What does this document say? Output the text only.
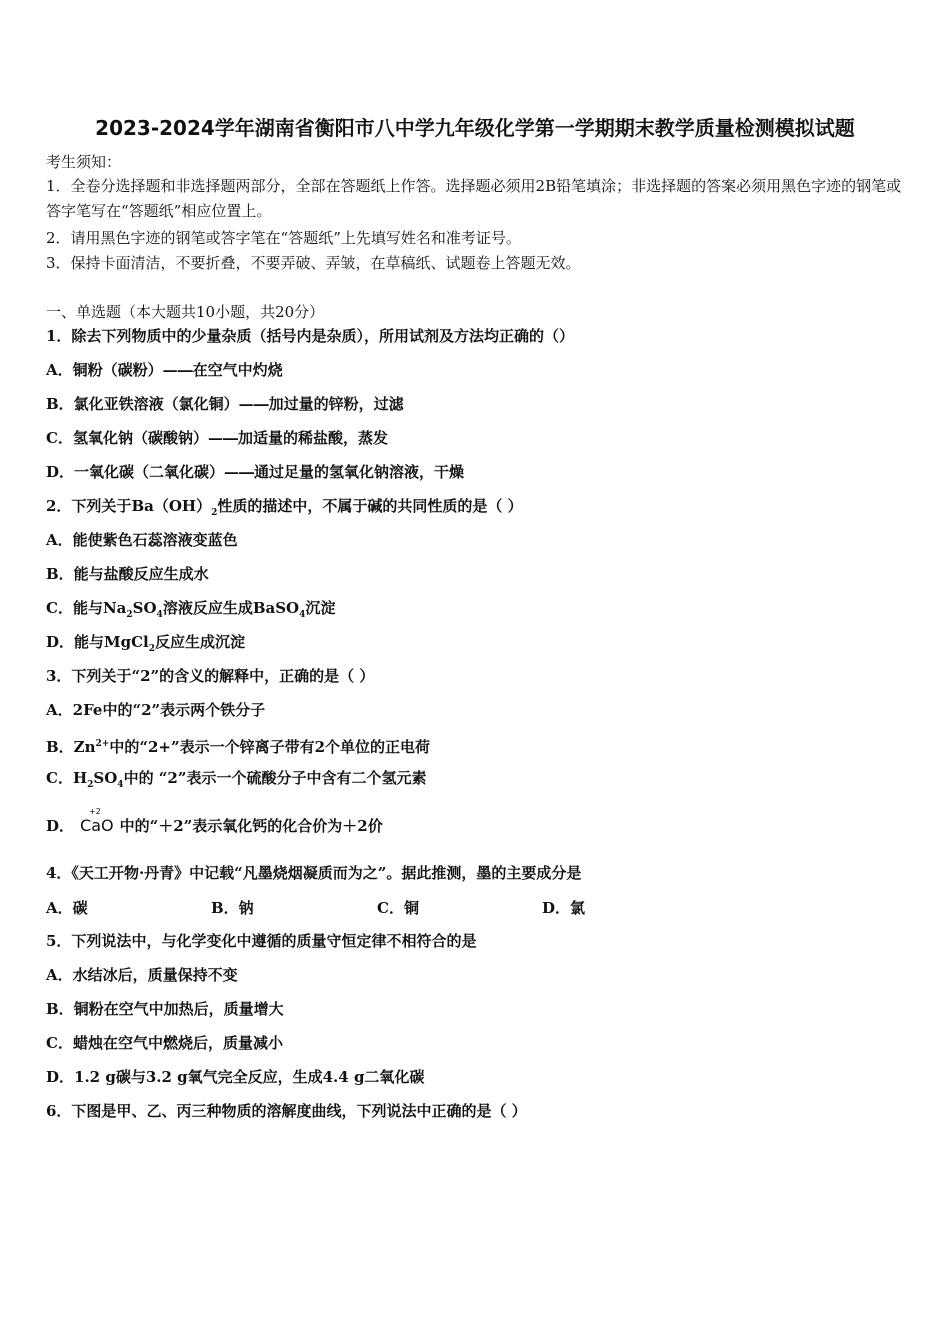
2023-2024学年湖南省衡阳市八中学九年级化学第一学期期末教学质量检测模拟试题
考生须知：
1．全卷分选择题和非选择题两部分，全部在答题纸上作答。选择题必须用2B铅笔填涂；非选择题的答案必须用黑色字迹的钢笔或答字笔写在“答题纸”相应位置上。
2．请用黑色字迹的钢笔或答字笔在“答题纸”上先填写姓名和准考证号。
3．保持卡面清洁，不要折叠，不要弄破、弄皱，在草稿纸、试题卷上答题无效。
一、单选题（本大题共10小题，共20分）
1．除去下列物质中的少量杂质（括号内是杂质），所用试剂及方法均正确的（）
A．铜粉（碳粉）—―在空气中灼烧
B．氯化亚铁溶液（氯化铜）—―加过量的锌粉，过滤
C．氢氧化钠（碳酸钠）—―加适量的稀盐酸，蒸发
D．一氧化碳（二氧化碳）—―通过足量的氢氧化钠溶液，干燥
2．下列关于$Ba(OH)_2$性质的描述中，不属于碱的共同性质的是（ ）
A．能使紫色石蕊溶液变蓝色
B．能与盐酸反应生成水
C．能与$Na_2SO_4$溶液反应生成BaSO$_4$沉淀
D．能与MgCl$_2$反应生成沉淀
3．下列关于“2”的含义的解释中，正确的是（ ）
A．2Fe中的“2”表示两个铁分子
B．$Zn^{2+}$中的“2+”表示一个锌离子带有2个单位的正电荷
C．$H_2SO_4$中的 “2”表示一个硫酸分子中含有二个氢元素
D．
+2
CaO 中的“＋2”表示氧化钙的化合价为＋2价
4．《天工开物·丹青》中记载“凡墨烧烟凝质而为之”。据此推测，墨的主要成分是
A．碳	B．钠	C．铜	D．氯
5．下列说法中，与化学变化中遵循的质量守恒定律不相符合的是
A．水结冰后，质量保持不变
B．铜粉在空气中加热后，质量增大
C．蜡烛在空气中燃烧后，质量减小
D．1.2 g碳与3.2 g氧气完全反应，生成4.4 g二氧化碳
6．下图是甲、乙、丙三种物质的溶解度曲线，下列说法中正确的是（ ）
